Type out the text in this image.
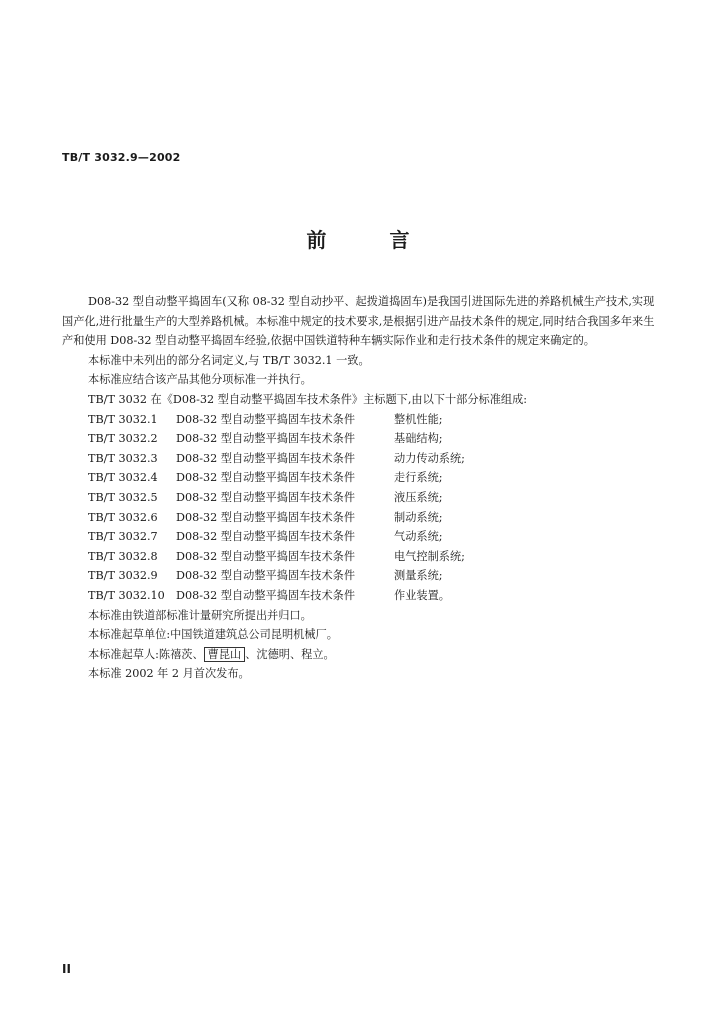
TB/T 3032.9—2002
前 言

D08-32 型自动整平捣固车(又称 08-32 型自动抄平、起拨道捣固车)是我国引进国际先进的养路机械生产技术,实现国产化,进行批量生产的大型养路机械。本标准中规定的技术要求,是根据引进产品技术条件的规定,同时结合我国多年来生产和使用 D08-32 型自动整平捣固车经验,依据中国铁道特种车辆实际作业和走行技术条件的规定来确定的。

本标准中未列出的部分名词定义,与 TB/T 3032.1 一致。

本标准应结合该产品其他分项标准一并执行。

TB/T 3032 在《D08-32 型自动整平捣固车技术条件》主标题下,由以下十部分标准组成:

TB/T 3032.1 D08-32 型自动整平捣固车技术条件	整机性能;

TB/T 3032.2 D08-32 型自动整平捣固车技术条件	基础结构;

TB/T 3032.3 D08-32 型自动整平捣固车技术条件	动力传动系统;

TB/T 3032.4 D08-32 型自动整平捣固车技术条件	走行系统;

TB/T 3032.5 D08-32 型自动整平捣固车技术条件	液压系统;

TB/T 3032.6 D08-32 型自动整平捣固车技术条件	制动系统;

TB/T 3032.7 D08-32 型自动整平捣固车技术条件	气动系统;

TB/T 3032.8 D08-32 型自动整平捣固车技术条件	电气控制系统;

TB/T 3032.9 D08-32 型自动整平捣固车技术条件	测量系统;

TB/T 3032.10 D08-32 型自动整平捣固车技术条件	作业装置。

本标准由铁道部标准计量研究所提出并归口。

本标准起草单位:中国铁道建筑总公司昆明机械厂。

本标准起草人:陈禧茨、 曹昆山 、沈德明、程立。

本标准 2002 年 2 月首次发布。

II
